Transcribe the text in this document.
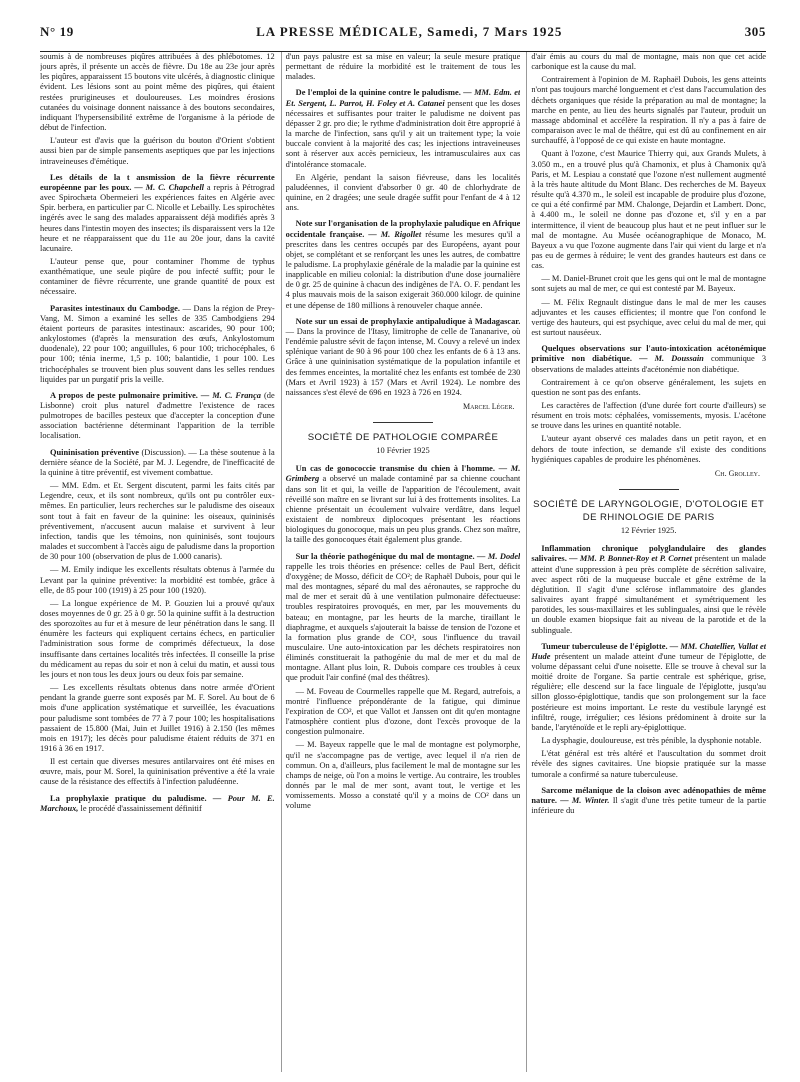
N° 19	LA PRESSE MÉDICALE, Samedi, 7 Mars 1925	305

soumis à de nombreuses piqûres attribuées à des phlébotomes. 12 jours après, il présente un accès de fièvre. Du 18e au 23e jour après les piqûres, apparaissent 15 boutons vite ulcérés, à diagnostic clinique évident. Les lésions sont au point même des piqûres, qui étaient restées prurigineuses et douloureuses. Les moindres érosions cutanées du voisinage donnent naissance à des boutons secondaires, indiquant l'hypersensibilité extrême de l'organisme à la période de début de l'infection.

L'auteur est d'avis que la guérison du bouton d'Orient s'obtient aussi bien par de simple pansements aseptiques que par les injections intraveineuses d'émétique.

Les détails de la t ansmission de la fièvre récurrente européenne par les poux. — M. C. Chapchell a repris à Pétrograd avec Spirochæta Obermeieri les expériences faites en Algérie avec Spir. berbera, en particulier par C. Nicolle et Lebailly. Les spirochètes ingérés avec le sang des malades apparaissent déjà modifiés après 3 heures dans l'intestin moyen des insectes; ils disparaissent vers la 12e heure et ne réapparaissent que du 11e au 20e jour, dans la cavité lacunaire.

L'auteur pense que, pour contaminer l'homme de typhus exanthématique, une seule piqûre de pou infecté suffit; pour le contaminer de fièvre récurrente, une grande quantité de poux est nécessaire.

Parasites intestinaux du Cambodge. — Dans la région de Prey-Vang, M. Simon a examiné les selles de 335 Cambodgiens 294 étaient porteurs de parasites intestinaux: ascarides, 90 pour 100; ankylostomes (d'après la mensuration des œufs, Ankylostomum duodenale), 22 pour 100; anguillules, 6 pour 100; trichocéphales, 6 pour 100; ténia inerme, 1,5 p. 100; balantidie, 1 pour 100. Les trichocéphales se trouvent bien plus souvent dans les selles rendues liquides par un purgatif pris la veille.

A propos de peste pulmonaire primitive. — M. C. França (de Lisbonne) croit plus naturel d'admettre l'existence de races pulmotropes de bacilles pesteux que d'accepter la conception d'une association bactérienne déterminant l'apparition de la terrible localisation.

Quininisation préventive (Discussion). — La thèse soutenue à la dernière séance de la Société, par M. J. Legendre, de l'inefficacité de la quinine à titre préventif, est vivement combattue.

— MM. Edm. et Et. Sergent discutent, parmi les faits cités par Legendre, ceux, et ils sont nombreux, qu'ils ont pu contrôler eux-mêmes. En particulier, leurs recherches sur le paludisme des oiseaux sont tout à fait en faveur de la quinine: les oiseaux, quininisés préventivement, n'accusent aucun malaise et survivent à leur infection, tandis que les témoins, non quininisés, sont toujours malades et succombent à l'accès aigu de paludisme dans la proportion de 30 pour 100 (observation de plus de 1.000 canaris).

— M. Emily indique les excellents résultats obtenus à l'armée du Levant par la quinine préventive: la morbidité est tombée, grâce à elle, de 85 pour 100 (1919) à 25 pour 100 (1920).

— La longue expérience de M. P. Gouzien lui a prouvé qu'aux doses moyennes de 0 gr. 25 à 0 gr. 50 la quinine suffit à la destruction des sporozoïtes au fur et à mesure de leur pénétration dans le sang. Il énumère les facteurs qui expliquent certains échecs, en particulier l'administration sous forme de comprimés défectueux, la dose insuffisante dans certaines localités très infectées. Il conseille la prise du médicament au repas du soir et non à celui du matin, et aussi tous les jours et non tous les deux jours ou deux fois par semaine.

— Les excellents résultats obtenus dans notre armée d'Orient pendant la grande guerre sont exposés par M. F. Sorel. Au bout de 6 mois d'une application systématique et surveillée, les évacuations pour paludisme sont tombées de 77 à 7 pour 100; les hospitalisations passaient de 15.800 (Mai, Juin et Juillet 1916) à 2.150 (les mêmes mois en 1917); les décès pour paludisme étaient réduits de 371 en 1916 à 36 en 1917.

Il est certain que diverses mesures antilarvaires ont été mises en œuvre, mais, pour M. Sorel, la quininisation préventive a été la vraie cause de la résistance des effectifs à l'infection paludéenne.

La prophylaxie pratique du paludisme. — Pour M. E. Marchoux, le procédé d'assainissement définitif

d'un pays palustre est sa mise en valeur; la seule mesure pratique permettant de réduire la morbidité est le traitement de tous les malades.

De l'emploi de la quinine contre le paludisme. — MM. Edm. et Et. Sergent, L. Parrot, H. Foley et A. Catanei pensent que les doses nécessaires et suffisantes pour traiter le paludisme ne doivent pas dépasser 2 gr. pro die; le rythme d'administration doit être approprié à la marche de l'infection, sans qu'il y ait un traitement type; la voie buccale convient à la majorité des cas; les injections intraveineuses sont à réserver aux accès pernicieux, les intramusculaires aux cas d'intolérance stomacale.

En Algérie, pendant la saison fiévreuse, dans les localités paludéennes, il convient d'absorber 0 gr. 40 de chlorhydrate de quinine, en 2 dragées; une seule dragée suffit pour l'enfant de 4 à 12 ans.

Note sur l'organisation de la prophylaxie paludique en Afrique occidentale française. — M. Rigollet résume les mesures qu'il a prescrites dans les centres occupés par des Européens, ayant pour objet, se complétant et se renforçant les unes les autres, de combattre le paludisme. La prophylaxie générale de la maladie par la quinine est inapplicable en milieu colonial: la distribution d'une dose journalière de 0 gr. 25 de quinine à chacun des indigènes de l'A. O. F. pendant les 4 plus mauvais mois de la saison exigerait 360.000 kilogr. de quinine et une dépense de 180 millions à renouveler chaque année.

Note sur un essai de prophylaxie antipaludique à Madagascar. — Dans la province de l'Itasy, limitrophe de celle de Tananarive, où l'endémie palustre sévit de façon intense, M. Couvy a relevé un index splénique variant de 90 à 96 pour 100 chez les enfants de 6 à 13 ans. Grâce à une quininisation systématique de la population infantile et des femmes enceintes, la mortalité chez les enfants est tombée de 230 (Mars et Avril 1923) à 157 (Mars et Avril 1924). Le nombre des naissances s'est élevé de 696 en 1923 à 726 en 1924.

Marcel Léger.
SOCIÉTÉ DE PATHOLOGIE COMPARÉE
10 Février 1925

Un cas de gonococcie transmise du chien à l'homme. — M. Grimberg a observé un malade contaminé par sa chienne couchant dans son lit et qui, la veille de l'apparition de l'écoulement, avait réveillé son maître en se livrant sur lui à des frottements insolites. La chienne présentait un écoulement vulvaire verdâtre, dans lequel existaient de nombreux diplocoques présentant les réactions biologiques du gonocoque, mais un peu plus grands. Chez son maître, la taille des gonocoques était également plus grande.

Sur la théorie pathogénique du mal de montagne. — M. Dodel rappelle les trois théories en présence: celles de Paul Bert, déficit d'oxygène; de Mosso, déficit de CO²; de Raphaël Dubois, pour qui le mal des montagnes, séparé du mal des aéronautes, se rapproche du mal de mer et serait dû à une ventilation pulmonaire défectueuse: troubles respiratoires provoqués, en mer, par les mouvements du bateau; en montagne, par les heurts de la marche, tiraillant le diaphragme, et auxquels s'ajouterait la baisse de tension de l'ozone et la formation plus grande de CO², sous l'influence du travail musculaire. Une auto-intoxication par les déchets respiratoires non éliminés constituerait la pathogénie du mal de mer et du mal de montagne. Allant plus loin, R. Dubois compare ces troubles à ceux que produit l'air confiné (mal des théâtres).

— M. Foveau de Courmelles rappelle que M. Regard, autrefois, a montré l'influence prépondérante de la fatigue, qui diminue l'expiration de CO², et que Vallot et Janssen ont dit qu'en montagne l'atmosphère contient plus d'ozone, dont l'excès provoque de la congestion pulmonaire.

— M. Bayeux rappelle que le mal de montagne est polymorphe, qu'il ne s'accompagne pas de vertige, avec lequel il n'a rien de commun. On a, d'ailleurs, plus facilement le mal de montagne sur les champs de neige, où l'on a moins le vertige. Au contraire, les troubles donnés par le mal de mer sont, avant tout, le vertige et les vomissements. Mosso a constaté qu'il y a moins de CO² dans un volume

d'air émis au cours du mal de montagne, mais non que cet acide carbonique est la cause du mal.

Contrairement à l'opinion de M. Raphaël Dubois, les gens atteints n'ont pas toujours marché longuement et c'est dans l'accumulation des déchets organiques que réside la préparation au mal de montagne; la marche en pente, au lieu des heurts signalés par l'auteur, produit un massage abdominal et accélère la respiration. Il n'y a pas à faire de comparaison avec le mal de théâtre, qui est dû au confinement en air surchauffé, à l'opposé de ce qui existe en haute montagne.

Quant à l'ozone, c'est Maurice Thierry qui, aux Grands Mulets, à 3.050 m., en a trouvé plus qu'à Chamonix, et plus à Chamonix qu'à Paris, et M. Lespiau a constaté que l'ozone n'est nullement augmenté à la très haute altitude du Mont Blanc. Des recherches de M. Bayeux résulte qu'à 4.370 m., le soleil est incapable de produire plus d'ozone, ce qui a été confirmé par MM. Chalonge, Dejardin et Lambert. Donc, à 4.400 m., le soleil ne donne pas d'ozone et, s'il y en a par intermittence, il vient de beaucoup plus haut et ne peut influer sur le mal de montagne. Au Musée océanographique de Monaco, M. Bayeux a vu que l'ozone augmente dans l'air qui vient du large et n'a pas eu de germes à réduire; le vent des grandes hauteurs est dans ce cas.

— M. Daniel-Brunet croit que les gens qui ont le mal de montagne sont sujets au mal de mer, ce qui est contesté par M. Bayeux.

— M. Félix Regnault distingue dans le mal de mer les causes adjuvantes et les causes efficientes; il montre que l'on confond le vertige des hauteurs, qui est psychique, avec celui du mal de mer, qui est surtout nauséeux.

Quelques observations sur l'auto-intoxication acétonémique primitive non diabétique. — M. Doussain communique 3 observations de malades atteints d'acétonémie non diabétique.

Contrairement à ce qu'on observe généralement, les sujets en question ne sont pas des enfants.

Les caractères de l'affection (d'une durée fort courte d'ailleurs) se résument en trois mots: céphalées, vomissements, myosis. L'acétone se trouve dans les urines en quantité notable.

L'auteur ayant observé ces malades dans un petit rayon, et en dehors de toute infection, se demande s'il existe des conditions hygiéniques capables de produire les phénomènes.

Ch. Grolley.
SOCIÉTÉ DE LARYNGOLOGIE, D'OTOLOGIE ET DE RHINOLOGIE DE PARIS
12 Février 1925.

Inflammation chronique polyglandulaire des glandes salivaires. — MM. P. Bonnet-Roy et P. Cornet présentent un malade atteint d'une suppression à peu près complète de sécrétion salivaire, avec aspect rôti de la muqueuse buccale et gêne extrême de la déglutition. Il s'agit d'une sclérose inflammatoire des glandes salivaires ayant frappé simultanément et symétriquement les parotides, les sous-maxillaires et les sublinguales, ainsi que le révèle un double examen biopsique fait au niveau de la parotide et de la sublinguale.

Tumeur tuberculeuse de l'épiglotte. — MM. Chatellier, Vallat et Hude présentent un malade atteint d'une tumeur de l'épiglotte, de volume dépassant celui d'une noisette. Elle se trouve à cheval sur la moitié droite de l'organe. Sa partie centrale est sphérique, grise, régulière; elle descend sur la face linguale de l'épiglotte, jusqu'au sillon glosso-épiglottique, tandis que son prolongement sur la face postérieure est moins important. Le reste du vestibule laryngé est infiltré, rouge, irrégulier; ces lésions prédominent à droite sur la bande, l'aryténoïde et le repli ary-épiglottique.

La dysphagie, douloureuse, est très pénible, la dysphonie notable.

L'état général est très altéré et l'auscultation du sommet droit révèle des signes cavitaires. Une biopsie pratiquée sur la masse tumorale a confirmé sa nature tuberculeuse.

Sarcome mélanique de la cloison avec adénopathies de même nature. — M. Winter. Il s'agit d'une très petite tumeur de la partie inférieure du
